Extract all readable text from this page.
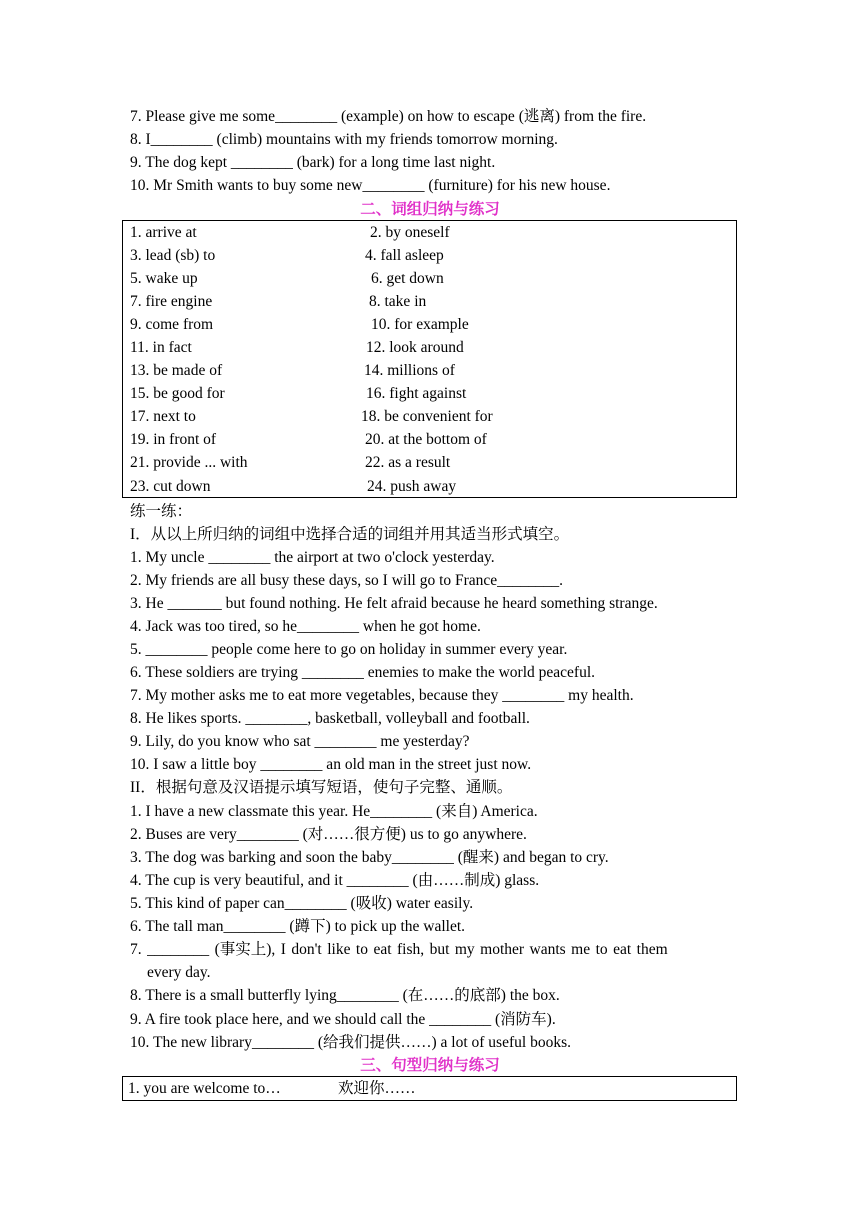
7. Please give me some________ (example) on how to escape (逃离) from the fire.
8. I________ (climb) mountains with my friends tomorrow morning.
9. The dog kept ________ (bark) for a long time last night.
10. Mr Smith wants to buy some new________ (furniture) for his new house.
二、词组归纳与练习
1. arrive at	2. by oneself
3. lead (sb) to	4. fall asleep
5. wake up	6. get down
7. fire engine	8. take in
9. come from	10. for example
11. in fact	12. look around
13. be made of	14. millions of
15. be good for	16. fight against
17. next to	18. be convenient for
19. in front of	20. at the bottom of
21. provide ... with	22. as a result
23. cut down	24. push away
练一练：
I．从以上所归纳的词组中选择合适的词组并用其适当形式填空。
1. My uncle ________ the airport at two o'clock yesterday.
2. My friends are all busy these days, so I will go to France________.
3. He _______ but found nothing. He felt afraid because he heard something strange.
4. Jack was too tired, so he________ when he got home.
5. ________ people come here to go on holiday in summer every year.
6. These soldiers are trying ________ enemies to make the world peaceful.
7. My mother asks me to eat more vegetables, because they ________ my health.
8. He likes sports. ________, basketball, volleyball and football.
9. Lily, do you know who sat ________ me yesterday?
10. I saw a little boy ________ an old man in the street just now.
II．根据句意及汉语提示填写短语，使句子完整、通顺。
1. I have a new classmate this year. He________ (来自) America.
2. Buses are very________ (对……很方便) us to go anywhere.
3. The dog was barking and soon the baby________ (醒来) and began to cry.
4. The cup is very beautiful, and it ________ (由……制成) glass.
5. This kind of paper can________ (吸收) water easily.
6. The tall man________ (蹲下) to pick up the wallet.
7. ________ (事实上), I don't like to eat fish, but my mother wants me to eat them
every day.
8. There is a small butterfly lying________ (在……的底部) the box.
9. A fire took place here, and we should call the ________ (消防车).
10. The new library________ (给我们提供……) a lot of useful books.
三、句型归纳与练习
1. you are welcome to…	欢迎你……
